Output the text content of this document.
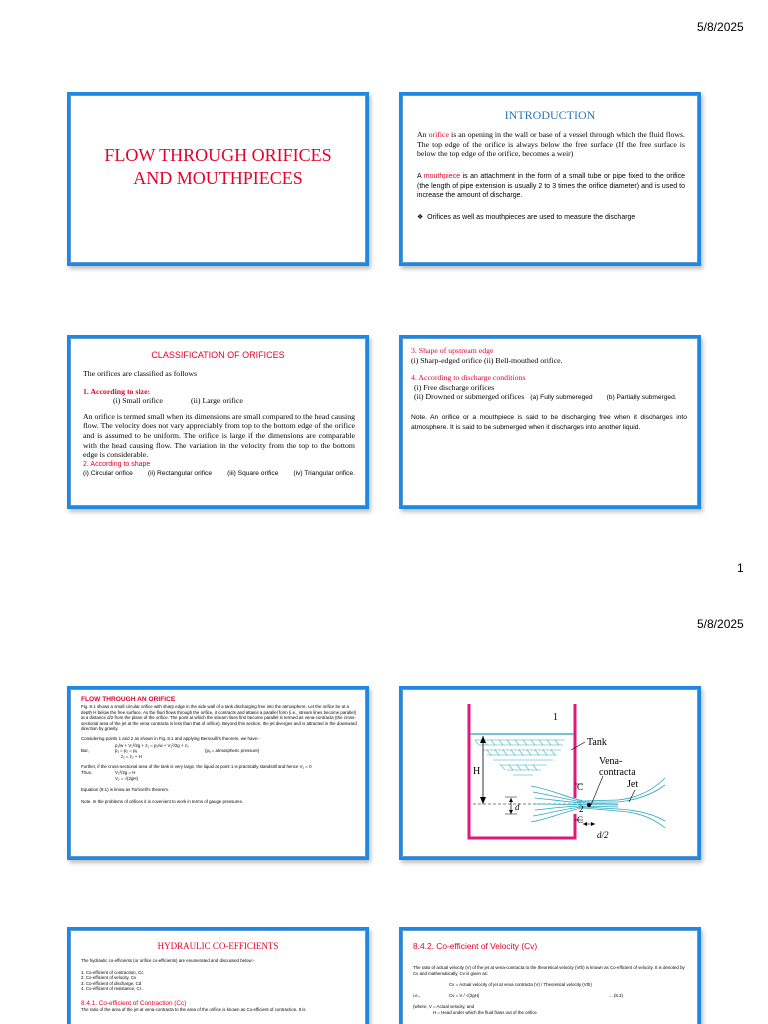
5/8/2025
FLOW THROUGH ORIFICES
AND MOUTHPIECES
INTRODUCTION
An orifice is an opening in the wall or base of a vessel through which the fluid flows. The top edge of the orifice is always below the free surface (If the free surface is below the top edge of the orifice, becomes a weir)
A mouthpiece is an attachment in the form of a small tube or pipe fixed to the orifice (the length of pipe extension is usually 2 to 3 times the orifice diameter) and is used to increase the amount of discharge.
❖ Orifices as well as mouthpieces are used to measure the discharge
CLASSIFICATION OF ORIFICES
The orifices are classified as follows
1. According to size:
(i) Small orifice	(ii) Large orifice
An orifice is termed small when its dimensions are small compared to the head causing flow. The velocity does not vary appreciably from top to the bottom edge of the orifice and is assumed to be uniform. The orifice is large if the dimensions are comparable with the head causing flow. The variation in the velocity from the top to the bottom edge is considerable.
2. According to shape
(i) Circular orifice (ii) Rectangular orifice (iii) Square orifice (iv) Triangular orifice.
3. Shape of upstream edge
(i) Sharp-edged orifice (ii) Bell-mouthed orifice.
4. According to discharge conditions
(i) Free discharge orifices
(ii) Drowned or submerged orifices (a) Fully submereged (b) Partially submerged.
Note. An orifice or a mouthpiece is said to be discharging free when it discharges into atmosphere. It is said to be submerged when it discharges into another liquid.
1
5/8/2025
FLOW THROUGH AN ORIFICE
Fig. 8.1 shows a small circular orifice with sharp edge in the side wall of a tank discharging free into the atmosphere. Let the orifice be at a depth H below the free surface. As the fluid flows through the orifice, it contracts and attains a parallel form (i.e., stream lines become parallel) at a distance d/2 from the plane of the orifice. The point at which the stream lines first become parallel is termed as vena-contracta (the cross-sectional area of the jet at the vena contracta is less than that of orifice). Beyond this section, the jet diverges and is attracted in the downward direction by gravity.
Considering points 1 and 2 as shown in Fig. 8.1 and applying Bernoulli's theorem, we have:-
p₁/w + V₁²/2g + z₁ = p₂/w + V₂²/2g + z₂
But,	p₁ = p₂ = pₐ	(pₐ = atmospheric pressure)
z₁ = z₂ + H
Further, if the cross-sectional area of the tank is very large, the liquid at point 1 is practically standstill and hence V₁ = 0
Thus,	V₂²/2g = H
V₂ = √(2gH)
Equation (8.1) is know as Torricelli's theorem.
Note. In the problems of orifices it is covenient to work in terms of gauge pressures.
1
Tank
Vena-
contracta
Jet
H
d
C
C
2
d/2
HYDRAULIC CO-EFFICIENTS
The hydraulic co-efficients (or orifice co-efficients) are enumerated and discussed below:-
1. Co-efficient of contraction, Cc
2. Co-efficient of velocity, Cv
3. Co-efficient of discharge, Cd
4. Co-efficient of resistance, Cr .
8.4.1. Co-efficient of Contraction (Cc)
The ratio of the area of the jet at vena-contracta to the area of the orifice is known as Co-efficient of contraction. It is
8.4.2. Co-efficient of Velocity (Cv)
The ratio of actual velocity (V) of the jet at vena-contracta to the theoretical velocity (Vth) is known as Co-efficient of velocity. It is denoted by Cv and mathematically, Cv is given as:
Cv = Actual velocity of jet at vena contracta (V) / Theoretical velocity (Vth)
i.e.,	Cv = V / √(2gH)	... (8.3)
(where, V = Actual velocity, and
H = Head under which the fluid flows out of the orifice
